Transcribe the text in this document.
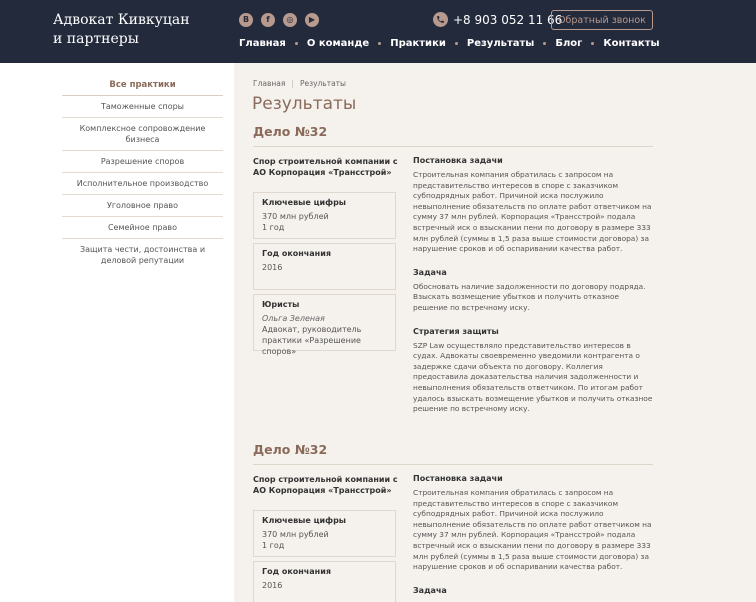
Адвокат Кивкуцан и партнеры
B	f	◎	▶	+8 903 052 11 66
Обратный звонок
Главная О команде Практики Результаты Блог Контакты
Все практики
Таможенные споры
Комплексное сопровождение бизнеса
Разрешение споров
Исполнительное производство
Уголовное право
Семейное право
Защита чести, достоинства и деловой репутации
Главная | Результаты
Результаты
Дело №32
Спор строительной компании с АО Корпорация «Трансстрой»
Ключевые цифры
370 млн рублей
1 год
Год окончания
2016
Юристы
Ольга Зеленая
Адвокат, руководитель практики «Разрешение споров»
Постановка задачи
Строительная компания обратилась с запросом на представительство интересов в споре с заказчиком субподрядных работ. Причиной иска послужило невыполнение обязательств по оплате работ ответчиком на сумму 37 млн рублей. Корпорация «Трансстрой» подала встречный иск о взыскании пени по договору в размере 333 млн рублей (суммы в 1,5 раза выше стоимости договора) за нарушение сроков и об оспаривании качества работ.
Задача
Обосновать наличие задолженности по договору подряда. Взыскать возмещение убытков и получить отказное решение по встречному иску.
Стратегия защиты
SZP Law осуществляло представительство интересов в судах. Адвокаты своевременно уведомили контрагента о задержке сдачи объекта по договору. Коллегия предоставила доказательства наличия задолженности и невыполнения обязательств ответчиком. По итогам работ удалось взыскать возмещение убытков и получить отказное решение по встречному иску.
Дело №32
Спор строительной компании с АО Корпорация «Трансстрой»
Ключевые цифры
370 млн рублей
1 год
Год окончания
2016
Постановка задачи
Строительная компания обратилась с запросом на представительство интересов в споре с заказчиком субподрядных работ. Причиной иска послужило невыполнение обязательств по оплате работ ответчиком на сумму 37 млн рублей. Корпорация «Трансстрой» подала встречный иск о взыскании пени по договору в размере 333 млн рублей (суммы в 1,5 раза выше стоимости договора) за нарушение сроков и об оспаривании качества работ.
Задача
